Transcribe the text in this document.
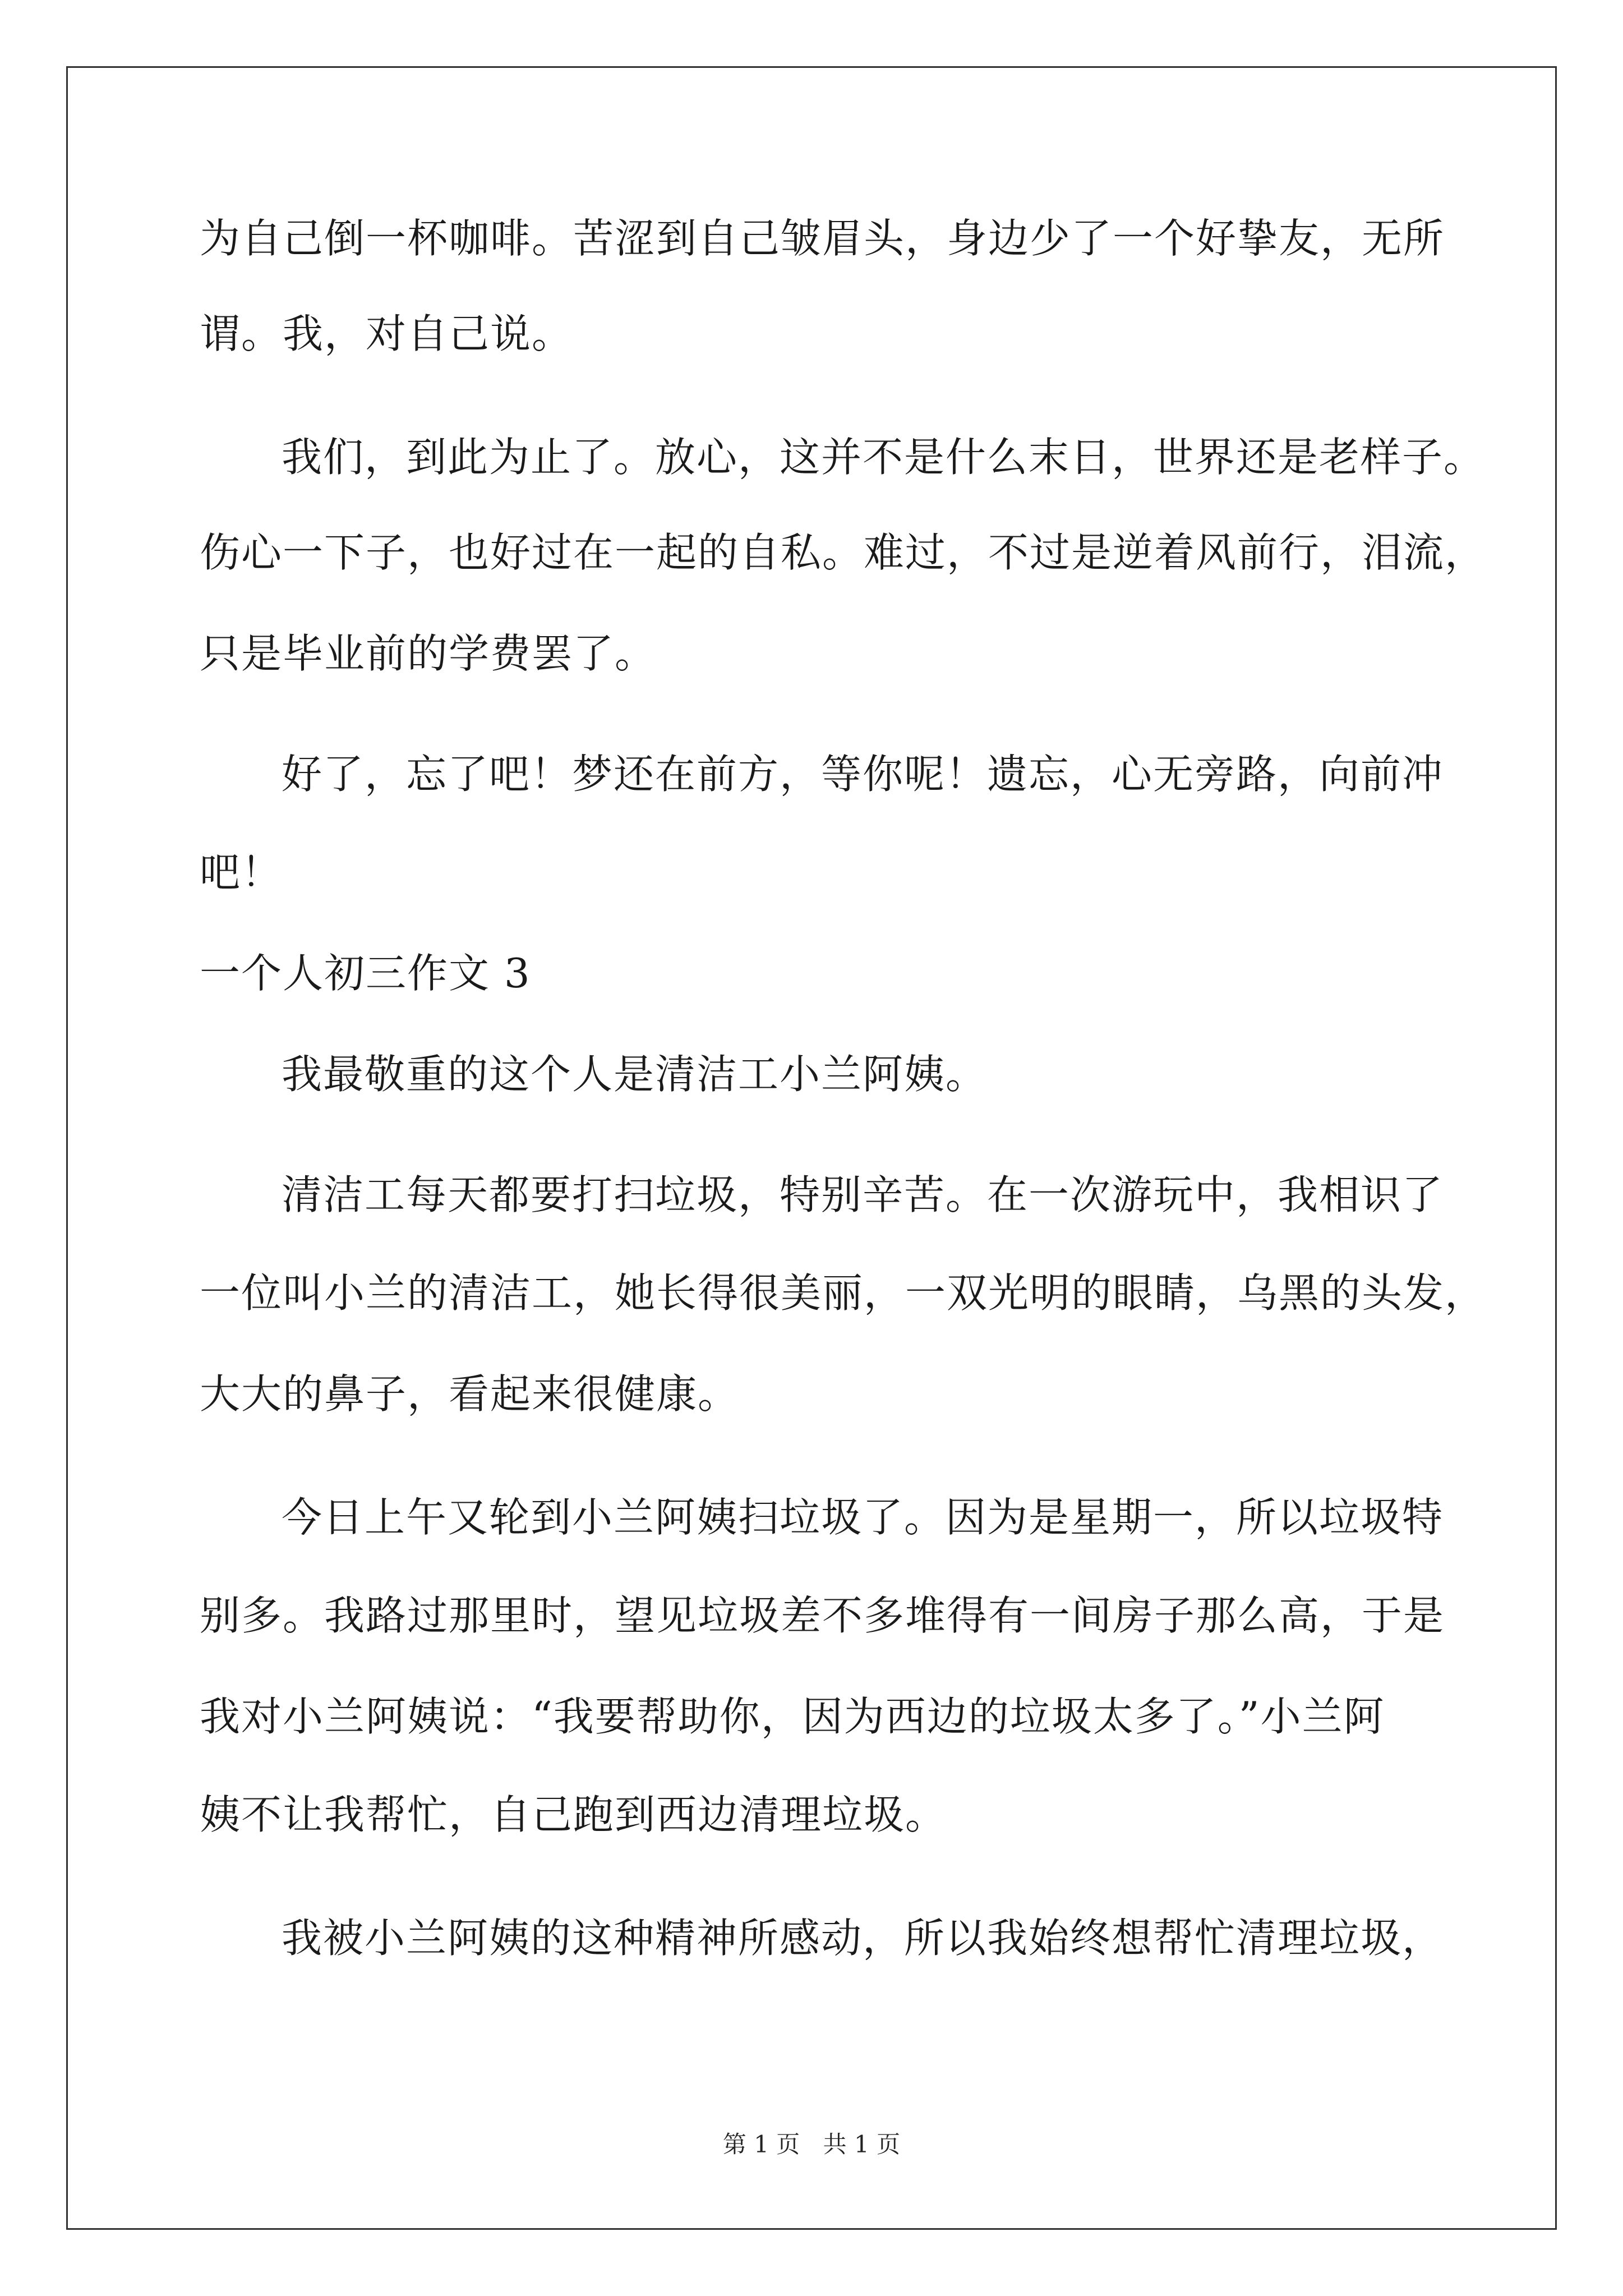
为自己倒一杯咖啡。苦涩到自己皱眉头，身边少了一个好挚友，无所
谓。我，对自己说。
我们，到此为止了。放心，这并不是什么末日，世界还是老样子。
伤心一下子，也好过在一起的自私。难过，不过是逆着风前行，泪流，
只是毕业前的学费罢了。
好了，忘了吧！梦还在前方，等你呢！遗忘，心无旁路，向前冲
吧！
一个人初三作文 3
我最敬重的这个人是清洁工小兰阿姨。
清洁工每天都要打扫垃圾，特别辛苦。在一次游玩中，我相识了
一位叫小兰的清洁工，她长得很美丽，一双光明的眼睛，乌黑的头发，
大大的鼻子，看起来很健康。
今日上午又轮到小兰阿姨扫垃圾了。因为是星期一，所以垃圾特
别多。我路过那里时，望见垃圾差不多堆得有一间房子那么高，于是
我对小兰阿姨说：“我要帮助你，因为西边的垃圾太多了。”小兰阿
姨不让我帮忙，自己跑到西边清理垃圾。
我被小兰阿姨的这种精神所感动，所以我始终想帮忙清理垃圾，
第 1 页 共 1 页
